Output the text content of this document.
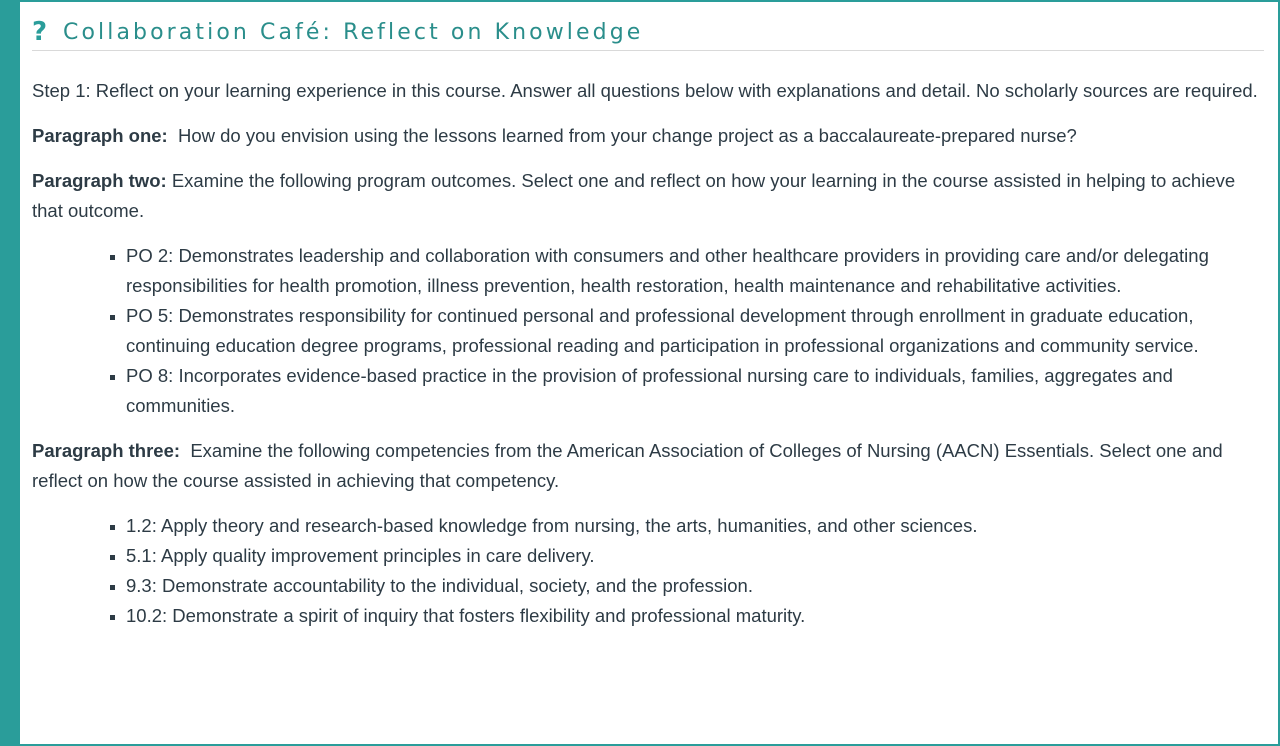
? Collaboration Café: Reflect on Knowledge

Step 1: Reflect on your learning experience in this course. Answer all questions below with explanations and detail. No scholarly sources are required.

Paragraph one: How do you envision using the lessons learned from your change project as a baccalaureate-prepared nurse?

Paragraph two: Examine the following program outcomes. Select one and reflect on how your learning in the course assisted in helping to achieve that outcome.

PO 2: Demonstrates leadership and collaboration with consumers and other healthcare providers in providing care and/or delegating responsibilities for health promotion, illness prevention, health restoration, health maintenance and rehabilitative activities.
PO 5: Demonstrates responsibility for continued personal and professional development through enrollment in graduate education, continuing education degree programs, professional reading and participation in professional organizations and community service.
PO 8: Incorporates evidence-based practice in the provision of professional nursing care to individuals, families, aggregates and communities.

Paragraph three: Examine the following competencies from the American Association of Colleges of Nursing (AACN) Essentials. Select one and reflect on how the course assisted in achieving that competency.

1.2: Apply theory and research-based knowledge from nursing, the arts, humanities, and other sciences.
5.1: Apply quality improvement principles in care delivery.
9.3: Demonstrate accountability to the individual, society, and the profession.
10.2: Demonstrate a spirit of inquiry that fosters flexibility and professional maturity.
